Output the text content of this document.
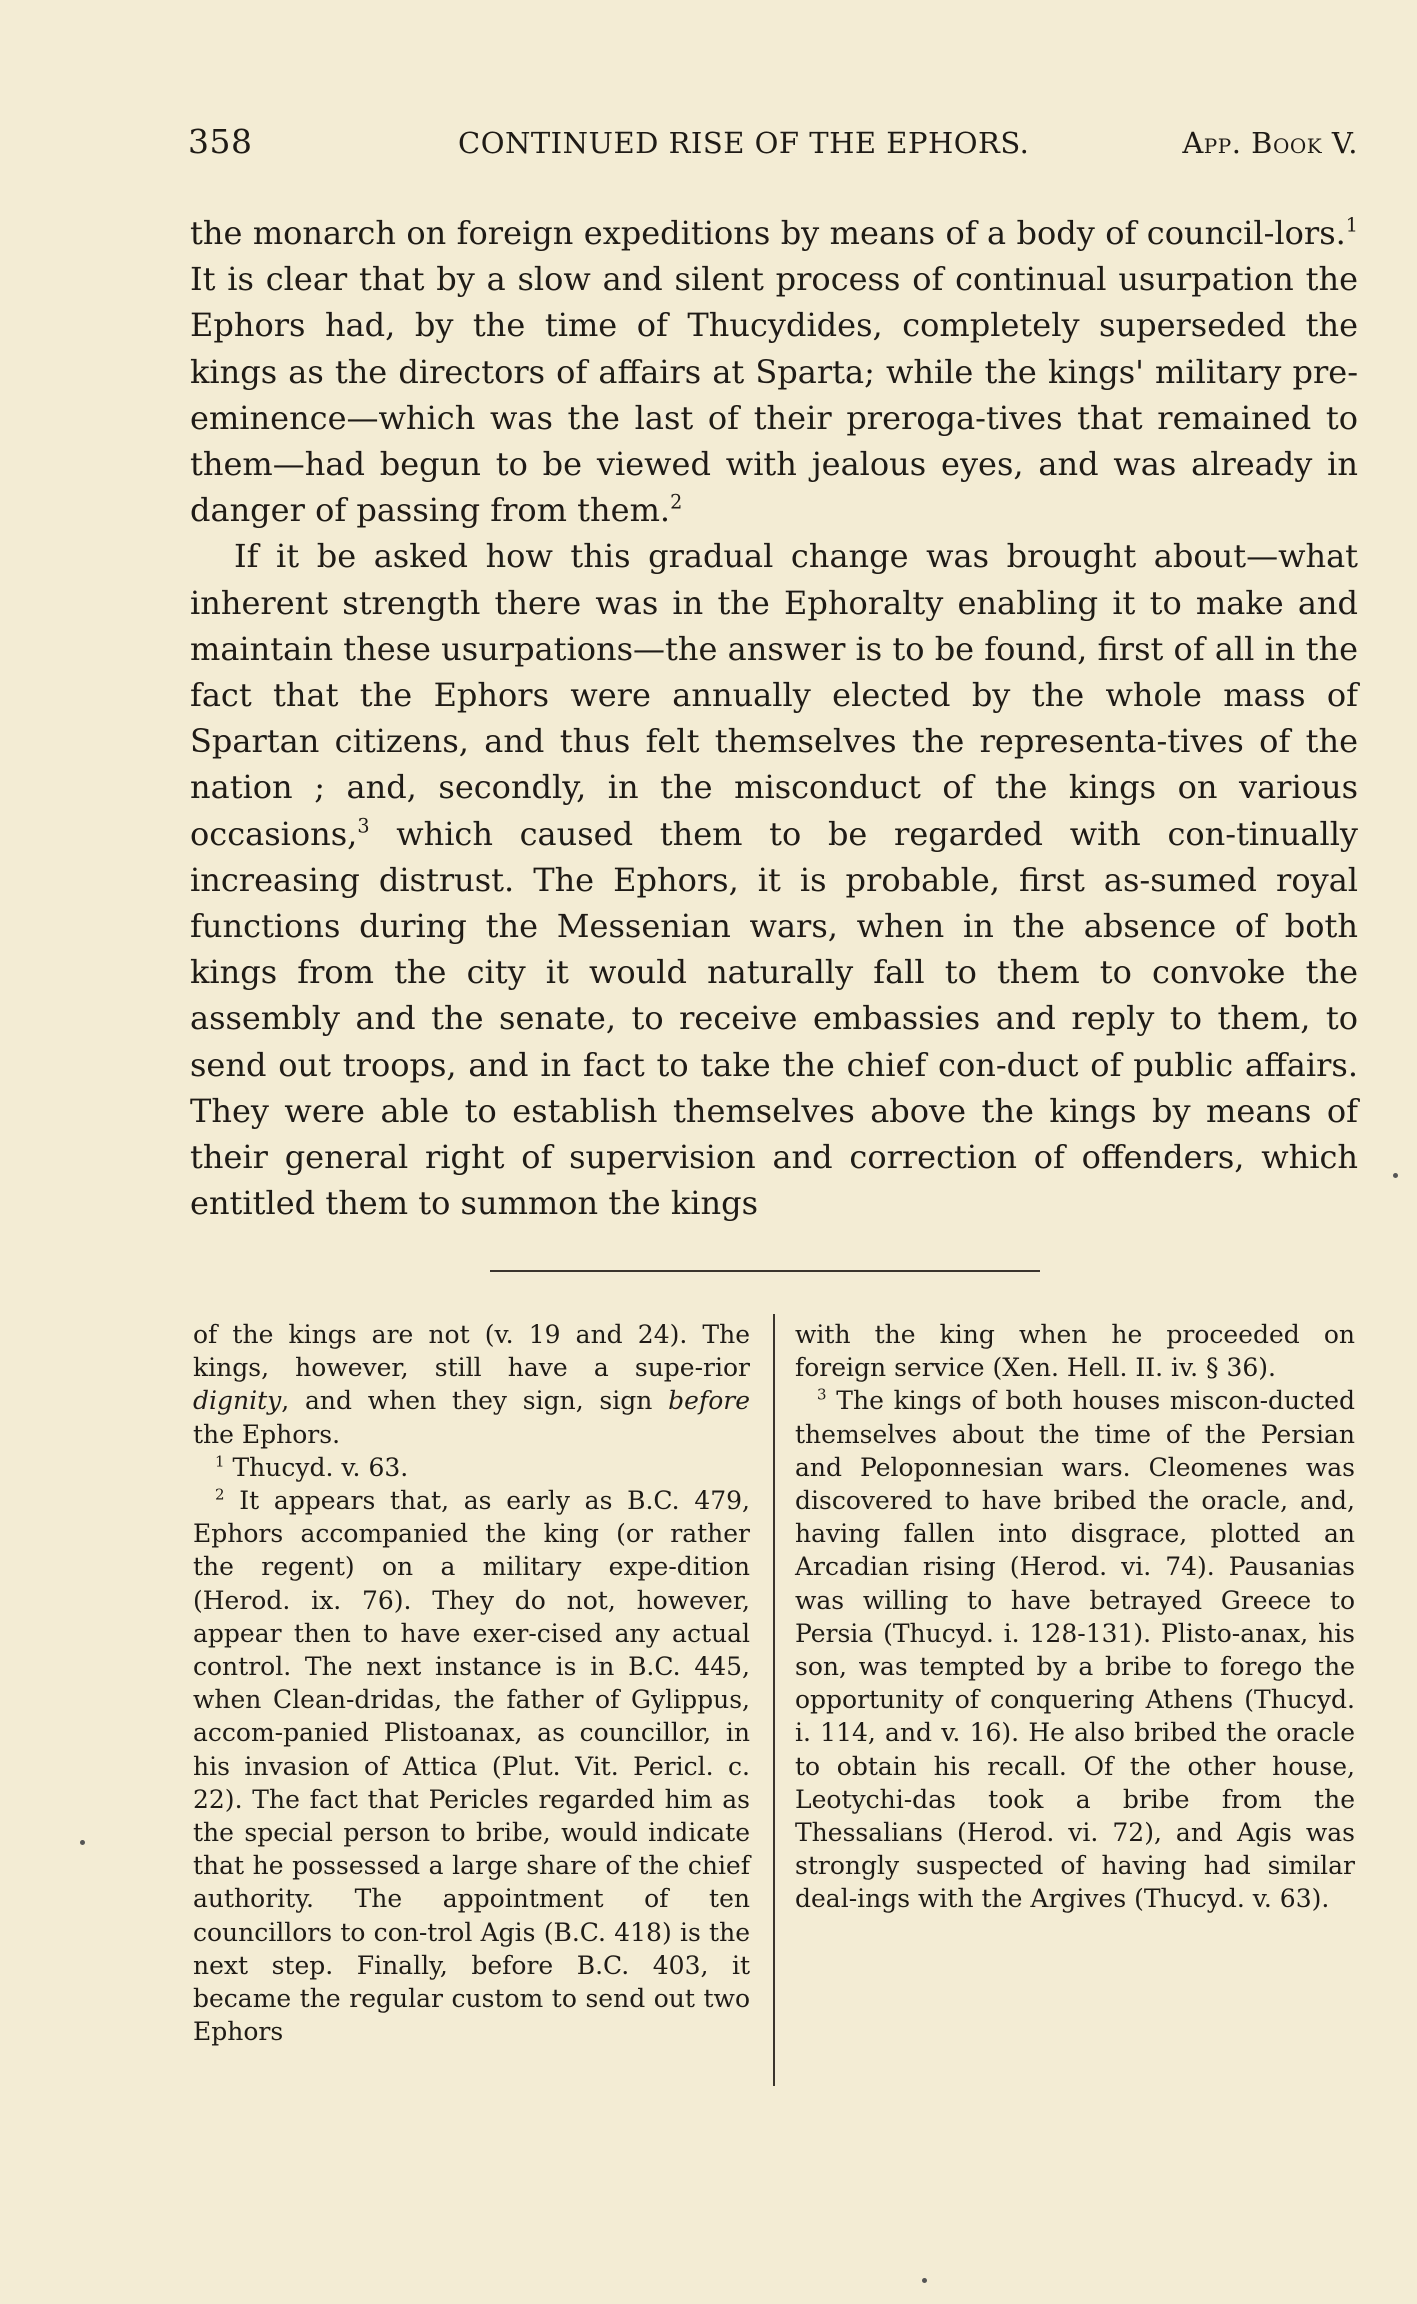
358	CONTINUED RISE OF THE EPHORS.	App. Book V.

the monarch on foreign expeditions by means of a body of council-lors.$^1$ It is clear that by a slow and silent process of continual usurpation the Ephors had, by the time of Thucydides, completely superseded the kings as the directors of affairs at Sparta; while the kings' military pre-eminence—which was the last of their preroga-tives that remained to them—had begun to be viewed with jealous eyes, and was already in danger of passing from them.$^2$

If it be asked how this gradual change was brought about—what inherent strength there was in the Ephoralty enabling it to make and maintain these usurpations—the answer is to be found, first of all in the fact that the Ephors were annually elected by the whole mass of Spartan citizens, and thus felt themselves the representa-tives of the nation ; and, secondly, in the misconduct of the kings on various occasions,$^3$ which caused them to be regarded with con-tinually increasing distrust. The Ephors, it is probable, first as-sumed royal functions during the Messenian wars, when in the absence of both kings from the city it would naturally fall to them to convoke the assembly and the senate, to receive embassies and reply to them, to send out troops, and in fact to take the chief con-duct of public affairs. They were able to establish themselves above the kings by means of their general right of supervision and correction of offenders, which entitled them to summon the kings

of the kings are not (v. 19 and 24). The kings, however, still have a supe-rior dignity, and when they sign, sign before the Ephors.

$^1$ Thucyd. v. 63.

$^2$ It appears that, as early as B.C. 479, Ephors accompanied the king (or rather the regent) on a military expe-dition (Herod. ix. 76). They do not, however, appear then to have exer-cised any actual control. The next instance is in B.C. 445, when Clean-dridas, the father of Gylippus, accom-panied Plistoanax, as councillor, in his invasion of Attica (Plut. Vit. Pericl. c. 22). The fact that Pericles regarded him as the special person to bribe, would indicate that he possessed a large share of the chief authority. The appointment of ten councillors to con-trol Agis (B.C. 418) is the next step. Finally, before B.C. 403, it became the regular custom to send out two Ephors

with the king when he proceeded on foreign service (Xen. Hell. II. iv. § 36).

$^3$ The kings of both houses miscon-ducted themselves about the time of the Persian and Peloponnesian wars. Cleomenes was discovered to have bribed the oracle, and, having fallen into disgrace, plotted an Arcadian rising (Herod. vi. 74). Pausanias was willing to have betrayed Greece to Persia (Thucyd. i. 128-131). Plisto-anax, his son, was tempted by a bribe to forego the opportunity of conquering Athens (Thucyd. i. 114, and v. 16). He also bribed the oracle to obtain his recall. Of the other house, Leotychi-das took a bribe from the Thessalians (Herod. vi. 72), and Agis was strongly suspected of having had similar deal-ings with the Argives (Thucyd. v. 63).
